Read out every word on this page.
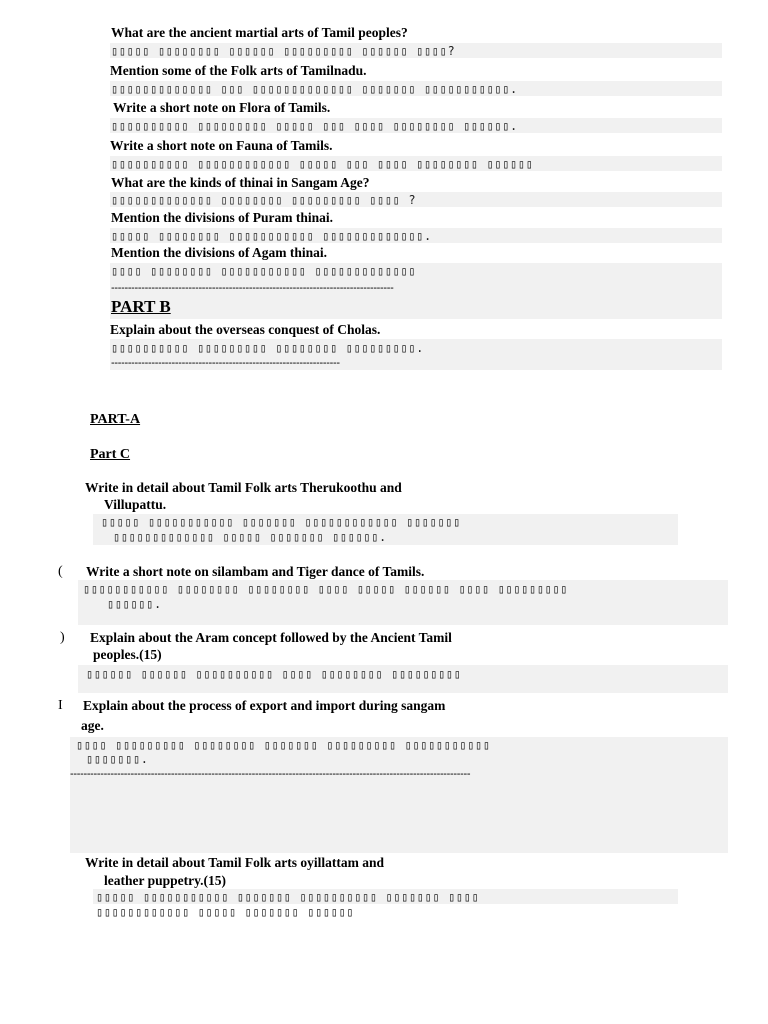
What are the ancient martial arts of Tamil peoples?
▯▯▯▯▯ ▯▯▯▯▯▯▯▯ ▯▯▯▯▯▯ ▯▯▯▯▯▯▯▯▯ ▯▯▯▯▯▯ ▯▯▯▯?
Mention some of the Folk arts of Tamilnadu.
▯▯▯▯▯▯▯▯▯▯▯▯▯ ▯▯▯ ▯▯▯▯▯▯▯▯▯▯▯▯▯ ▯▯▯▯▯▯▯ ▯▯▯▯▯▯▯▯▯▯▯.
Write a short note on Flora of Tamils.
▯▯▯▯▯▯▯▯▯▯ ▯▯▯▯▯▯▯▯▯ ▯▯▯▯▯ ▯▯▯ ▯▯▯▯ ▯▯▯▯▯▯▯▯ ▯▯▯▯▯▯.
Write a short note on Fauna of Tamils.
▯▯▯▯▯▯▯▯▯▯ ▯▯▯▯▯▯▯▯▯▯▯▯ ▯▯▯▯▯ ▯▯▯ ▯▯▯▯ ▯▯▯▯▯▯▯▯ ▯▯▯▯▯▯
What are the kinds of thinai in Sangam Age?
▯▯▯▯▯▯▯▯▯▯▯▯▯ ▯▯▯▯▯▯▯▯ ▯▯▯▯▯▯▯▯▯ ▯▯▯▯ ?
Mention the divisions of Puram thinai.
▯▯▯▯▯ ▯▯▯▯▯▯▯▯ ▯▯▯▯▯▯▯▯▯▯▯ ▯▯▯▯▯▯▯▯▯▯▯▯▯.
Mention the divisions of Agam thinai.
▯▯▯▯ ▯▯▯▯▯▯▯▯ ▯▯▯▯▯▯▯▯▯▯▯ ▯▯▯▯▯▯▯▯▯▯▯▯▯
------------------------------------------------------------------------------------
PART B
Explain about the overseas conquest of Cholas.
▯▯▯▯▯▯▯▯▯▯ ▯▯▯▯▯▯▯▯▯ ▯▯▯▯▯▯▯▯ ▯▯▯▯▯▯▯▯▯.
--------------------------------------------------------------------
PART-A
Part C
Write in detail about Tamil Folk arts Therukoothu and
Villupattu.
▯▯▯▯▯ ▯▯▯▯▯▯▯▯▯▯▯ ▯▯▯▯▯▯▯ ▯▯▯▯▯▯▯▯▯▯▯▯ ▯▯▯▯▯▯▯
▯▯▯▯▯▯▯▯▯▯▯▯▯ ▯▯▯▯▯ ▯▯▯▯▯▯▯ ▯▯▯▯▯▯.
( Write a short note on silambam and Tiger dance of Tamils.
▯▯▯▯▯▯▯▯▯▯▯ ▯▯▯▯▯▯▯▯ ▯▯▯▯▯▯▯▯ ▯▯▯▯ ▯▯▯▯▯ ▯▯▯▯▯▯ ▯▯▯▯ ▯▯▯▯▯▯▯▯▯
▯▯▯▯▯▯.
) Explain about the Aram concept followed by the Ancient Tamil
peoples.(15)
▯▯▯▯▯▯ ▯▯▯▯▯▯ ▯▯▯▯▯▯▯▯▯▯ ▯▯▯▯ ▯▯▯▯▯▯▯▯ ▯▯▯▯▯▯▯▯▯
I Explain about the process of export and import during sangam
age.
▯▯▯▯ ▯▯▯▯▯▯▯▯▯ ▯▯▯▯▯▯▯▯ ▯▯▯▯▯▯▯ ▯▯▯▯▯▯▯▯▯ ▯▯▯▯▯▯▯▯▯▯▯
▯▯▯▯▯▯▯.
-----------------------------------------------------------------------------------------------------------------------
Write in detail about Tamil Folk arts oyillattam and
leather puppetry.(15)
▯▯▯▯▯ ▯▯▯▯▯▯▯▯▯▯▯ ▯▯▯▯▯▯▯ ▯▯▯▯▯▯▯▯▯▯ ▯▯▯▯▯▯▯ ▯▯▯▯
▯▯▯▯▯▯▯▯▯▯▯▯ ▯▯▯▯▯ ▯▯▯▯▯▯▯ ▯▯▯▯▯▯
